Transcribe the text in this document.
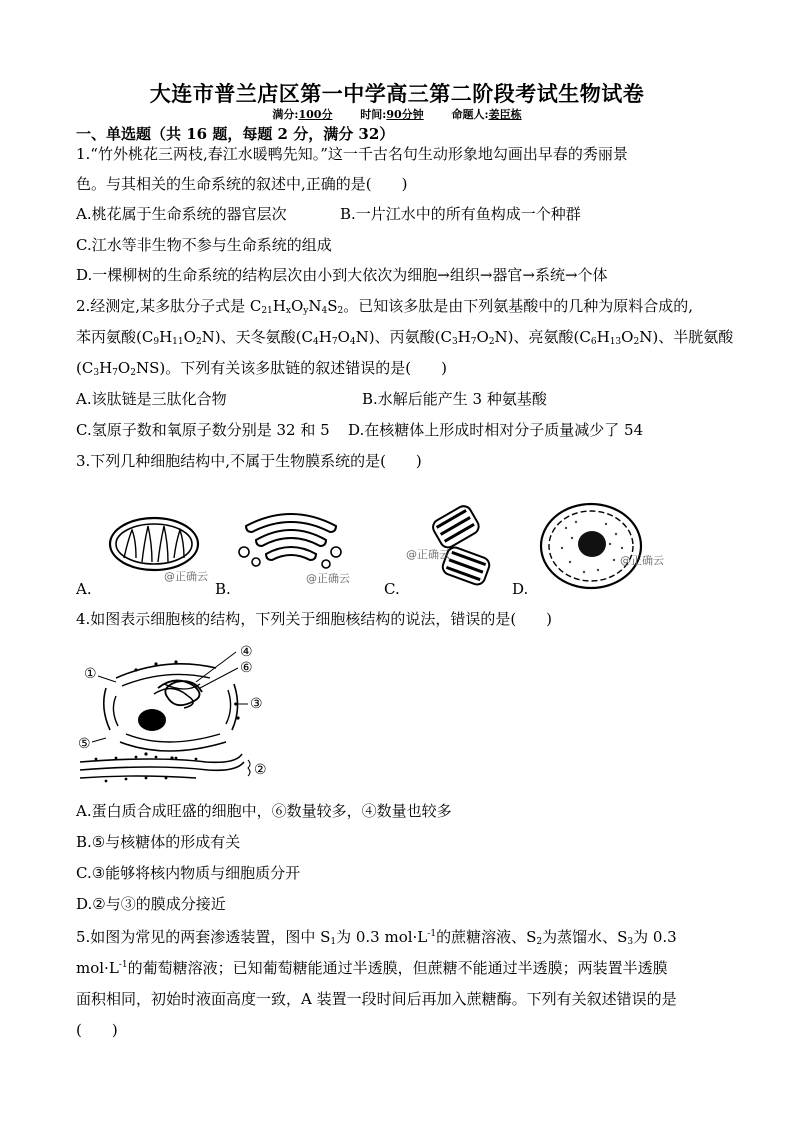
大连市普兰店区第一中学高三第二阶段考试生物试卷
满分:100分	时间:90分钟	命题人:姜臣栋
一、单选题（共 16 题，每题 2 分，满分 32）
1.“竹外桃花三两枝,春江水暖鸭先知。”这一千古名句生动形象地勾画出早春的秀丽景
色。与其相关的生命系统的叙述中,正确的是(　　)
A.桃花属于生命系统的器官层次	B.一片江水中的所有鱼构成一个种群
C.江水等非生物不参与生命系统的组成
D.一棵柳树的生命系统的结构层次由小到大依次为细胞→组织→器官→系统→个体
2.经测定,某多肽分子式是 $C_{21}H_xO_yN_4S_2$。已知该多肽是由下列氨基酸中的几种为原料合成的,
苯丙氨酸$(C_9H_{11}O_2N)$、天冬氨酸$(C_4H_7O_4N)$、丙氨酸$(C_3H_7O_2N)$、亮氨酸$(C_6H_{13}O_2N)$、半胱氨酸
$(C_3H_7O_2NS)$。下列有关该多肽链的叙述错误的是(　　)
A.该肽链是三肽化合物	B.水解后能产生 3 种氨基酸
C.氢原子数和氧原子数分别是 32 和 5 D.在核糖体上形成时相对分子质量减少了 54
3.下列几种细胞结构中,不属于生物膜系统的是(　　)
@正确云	@正确云
@正确云	@正确云
A.	B.	C.	D.
4.如图表示细胞核的结构，下列关于细胞核结构的说法，错误的是(　　)
①
④
⑥
③
⑤
②
A.蛋白质合成旺盛的细胞中，⑥数量较多，④数量也较多
B.⑤与核糖体的形成有关
C.③能够将核内物质与细胞质分开
D.②与③的膜成分接近
5.如图为常见的两套渗透装置，图中 $S_1$为 0.3 $mol\cdot L^{-1}$的蔗糖溶液、$S_2$为蒸馏水、$S_3$为 0.3
$mol\cdot L^{-1}$的葡萄糖溶液；已知葡萄糖能通过半透膜，但蔗糖不能通过半透膜；两装置半透膜
面积相同，初始时液面高度一致，A 装置一段时间后再加入蔗糖酶。下列有关叙述错误的是
(　　)
